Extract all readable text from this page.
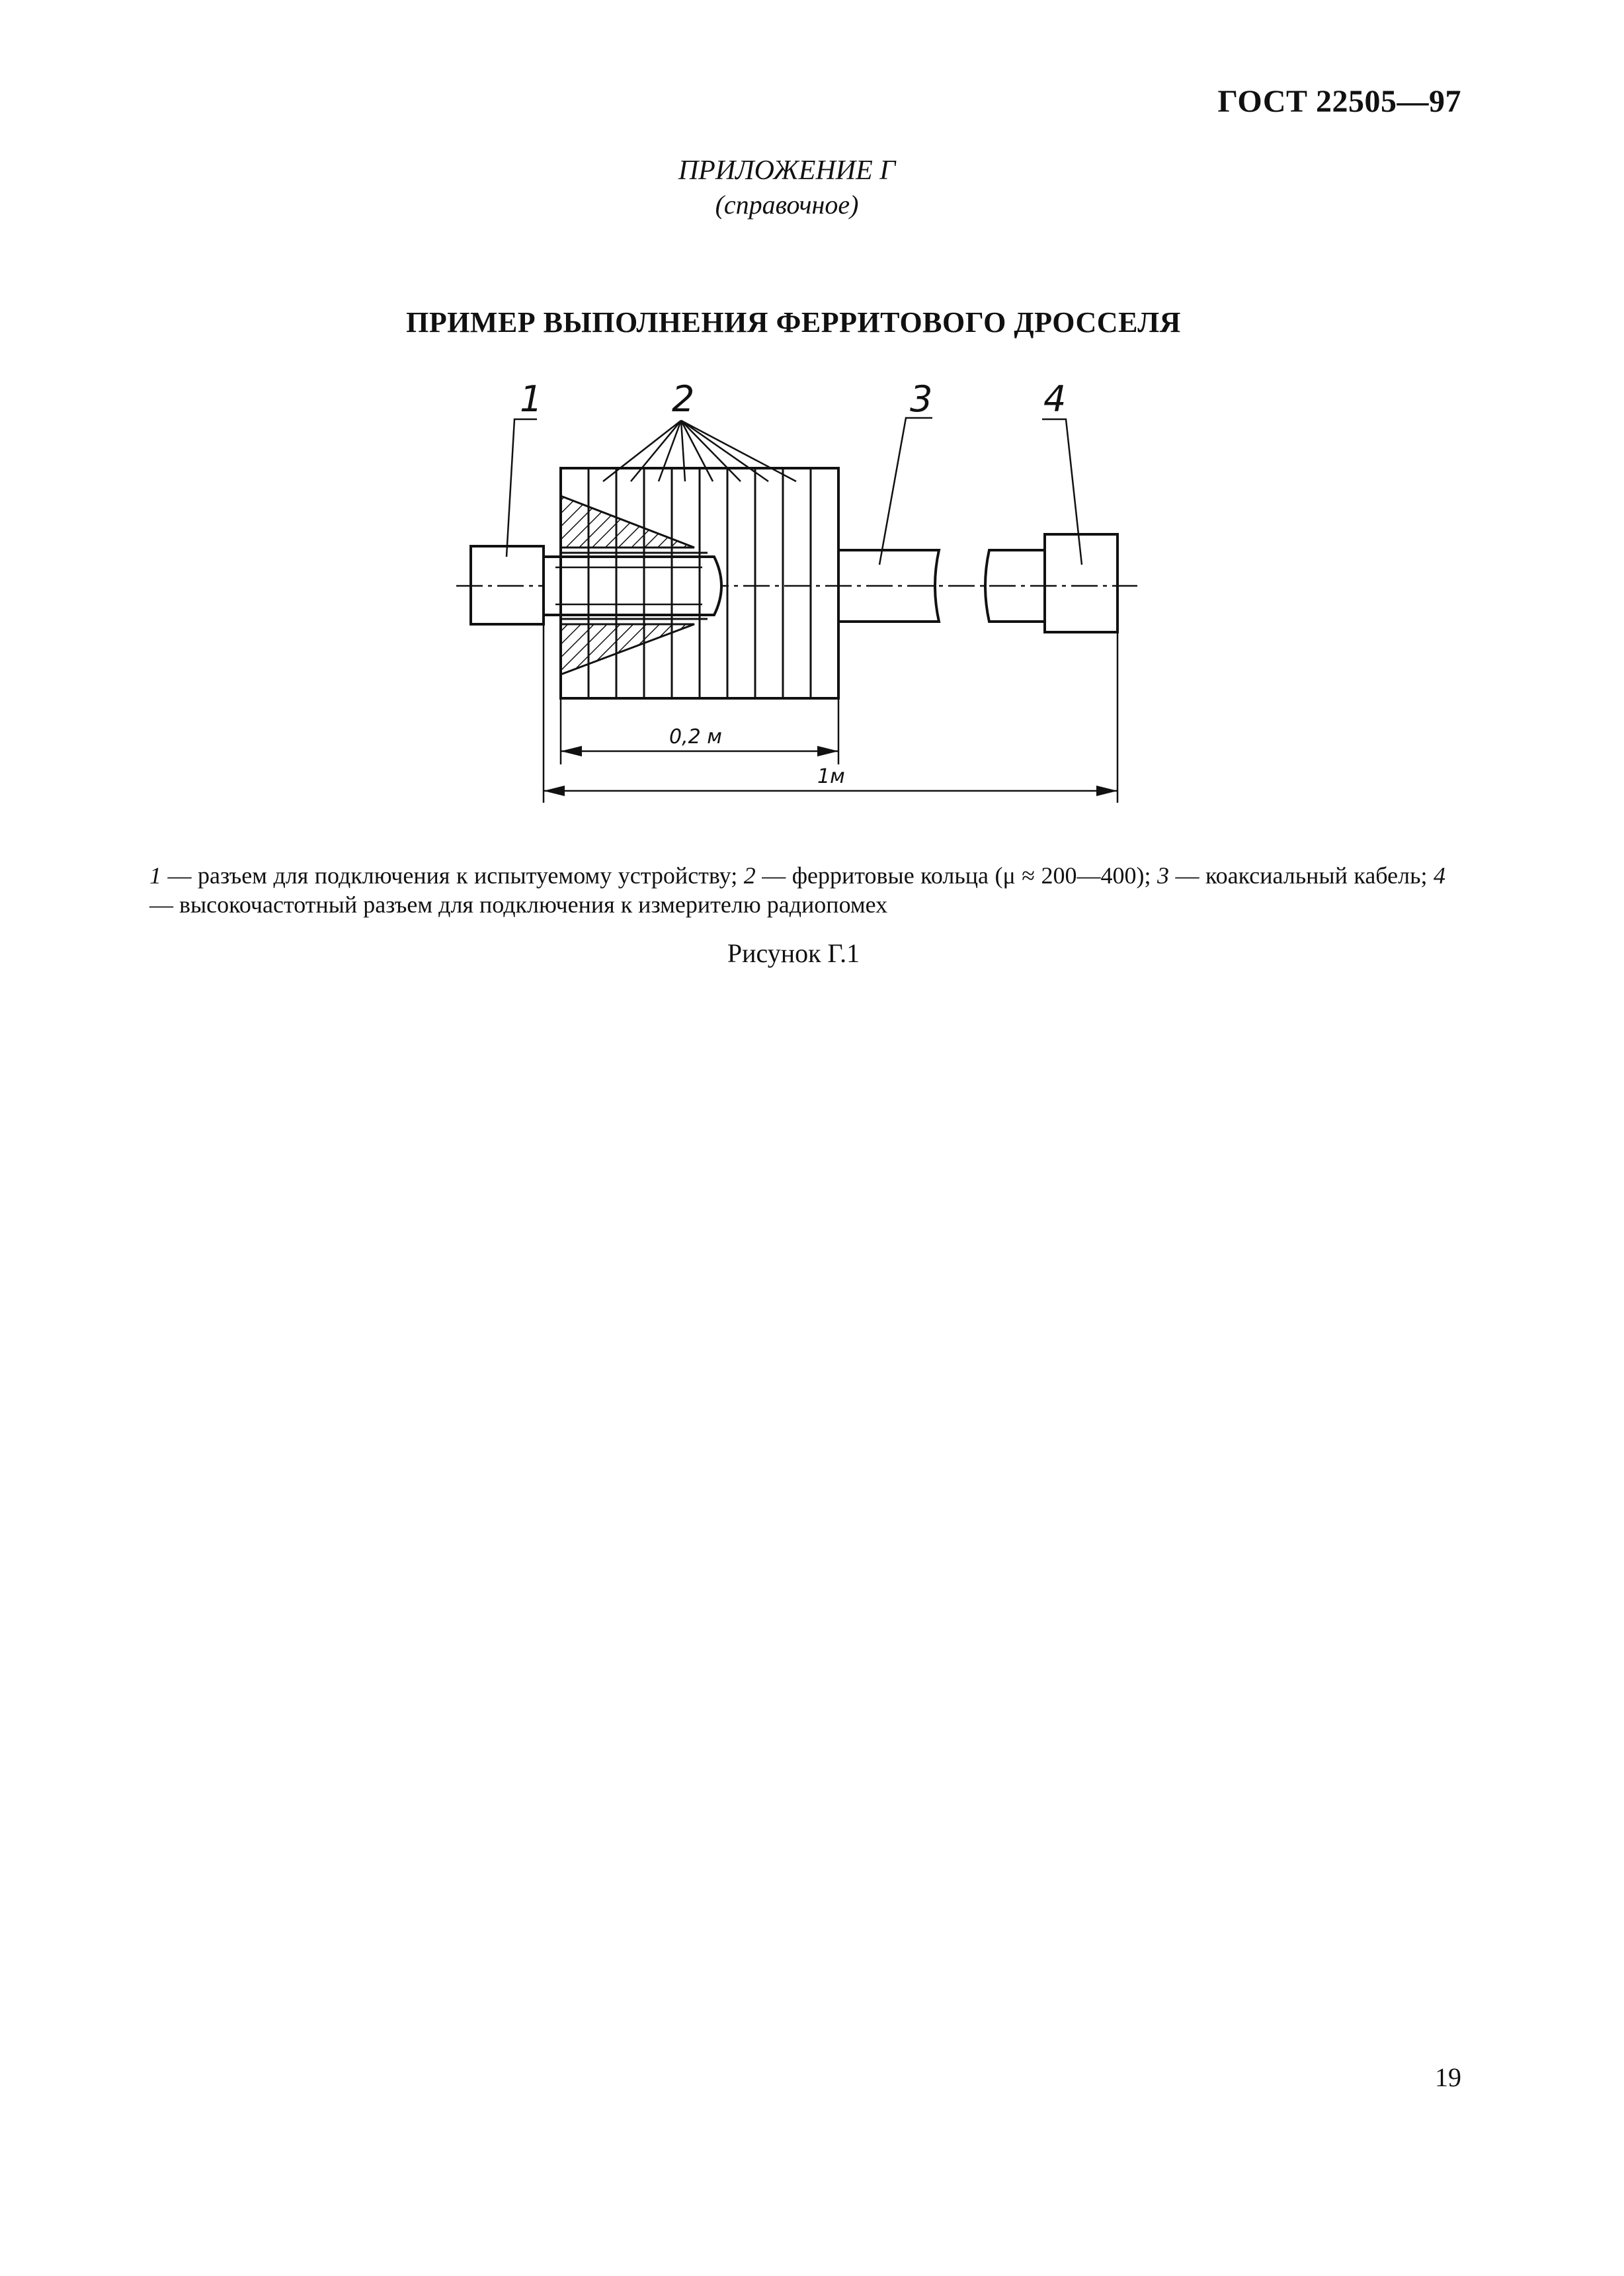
ГОСТ 22505—97
ПРИЛОЖЕНИЕ Г
(справочное)
ПРИМЕР ВЫПОЛНЕНИЯ ФЕРРИТОВОГО ДРОССЕЛЯ
1	2	3	4
0,2 м
1м

1 — разъем для подключения к испытуемому устройству; 2 — ферритовые кольца (μ ≈ 200—400); 3 — коаксиальный кабель; 4 — высокочастотный разъем для подключения к измерителю радиопомех

Рисунок Г.1
19
